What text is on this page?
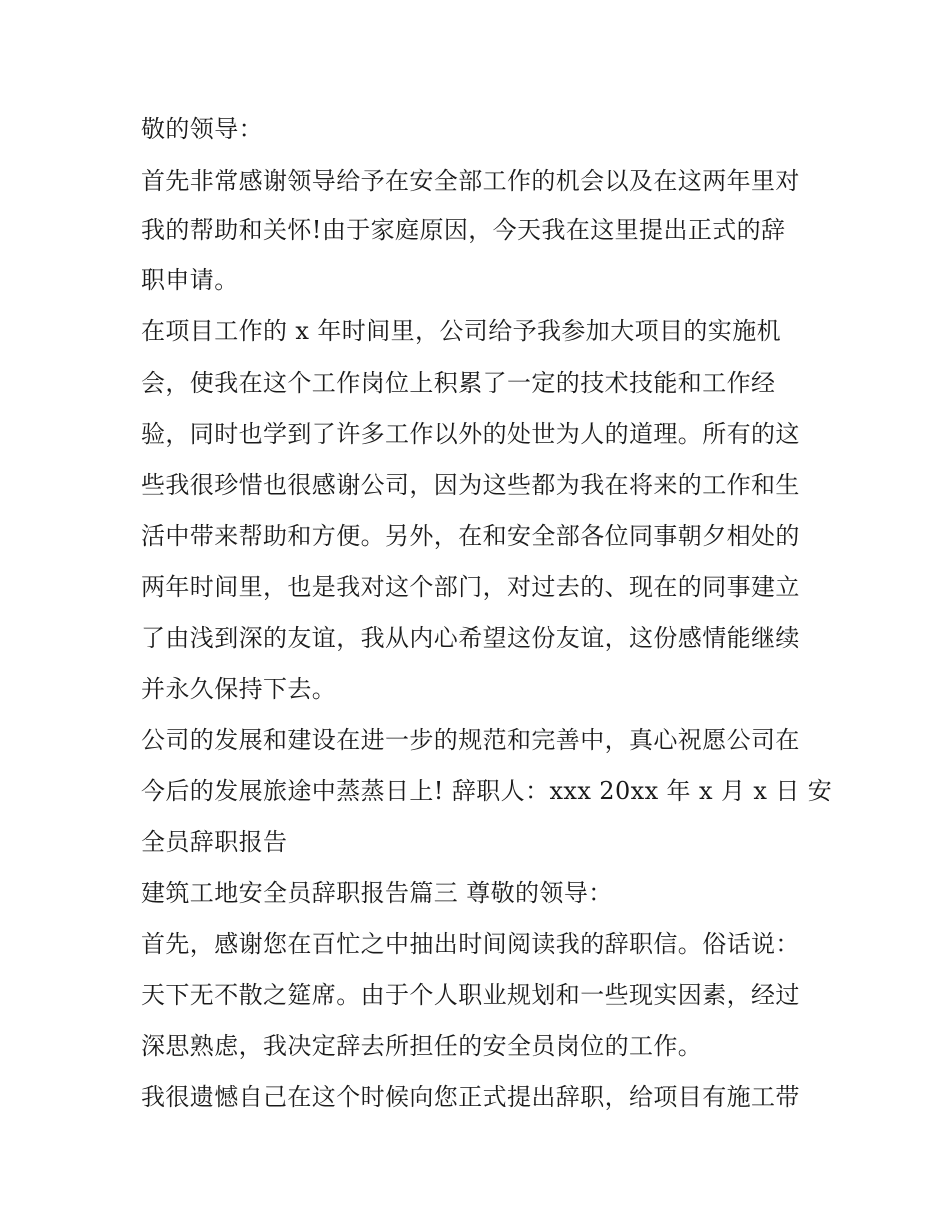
敬的领导：

首先非常感谢领导给予在安全部工作的机会以及在这两年里对

我的帮助和关怀!由于家庭原因，今天我在这里提出正式的辞

职申请。

在项目工作的 x 年时间里，公司给予我参加大项目的实施机

会，使我在这个工作岗位上积累了一定的技术技能和工作经

验，同时也学到了许多工作以外的处世为人的道理。所有的这

些我很珍惜也很感谢公司，因为这些都为我在将来的工作和生

活中带来帮助和方便。另外，在和安全部各位同事朝夕相处的

两年时间里，也是我对这个部门，对过去的、现在的同事建立

了由浅到深的友谊，我从内心希望这份友谊，这份感情能继续

并永久保持下去。

公司的发展和建设在进一步的规范和完善中，真心祝愿公司在

今后的发展旅途中蒸蒸日上! 辞职人：xxx 20xx 年 x 月 x 日 安

全员辞职报告

建筑工地安全员辞职报告篇三 尊敬的领导：

首先，感谢您在百忙之中抽出时间阅读我的辞职信。俗话说：

天下无不散之筵席。由于个人职业规划和一些现实因素，经过

深思熟虑，我决定辞去所担任的安全员岗位的工作。

我很遗憾自己在这个时候向您正式提出辞职，给项目有施工带
